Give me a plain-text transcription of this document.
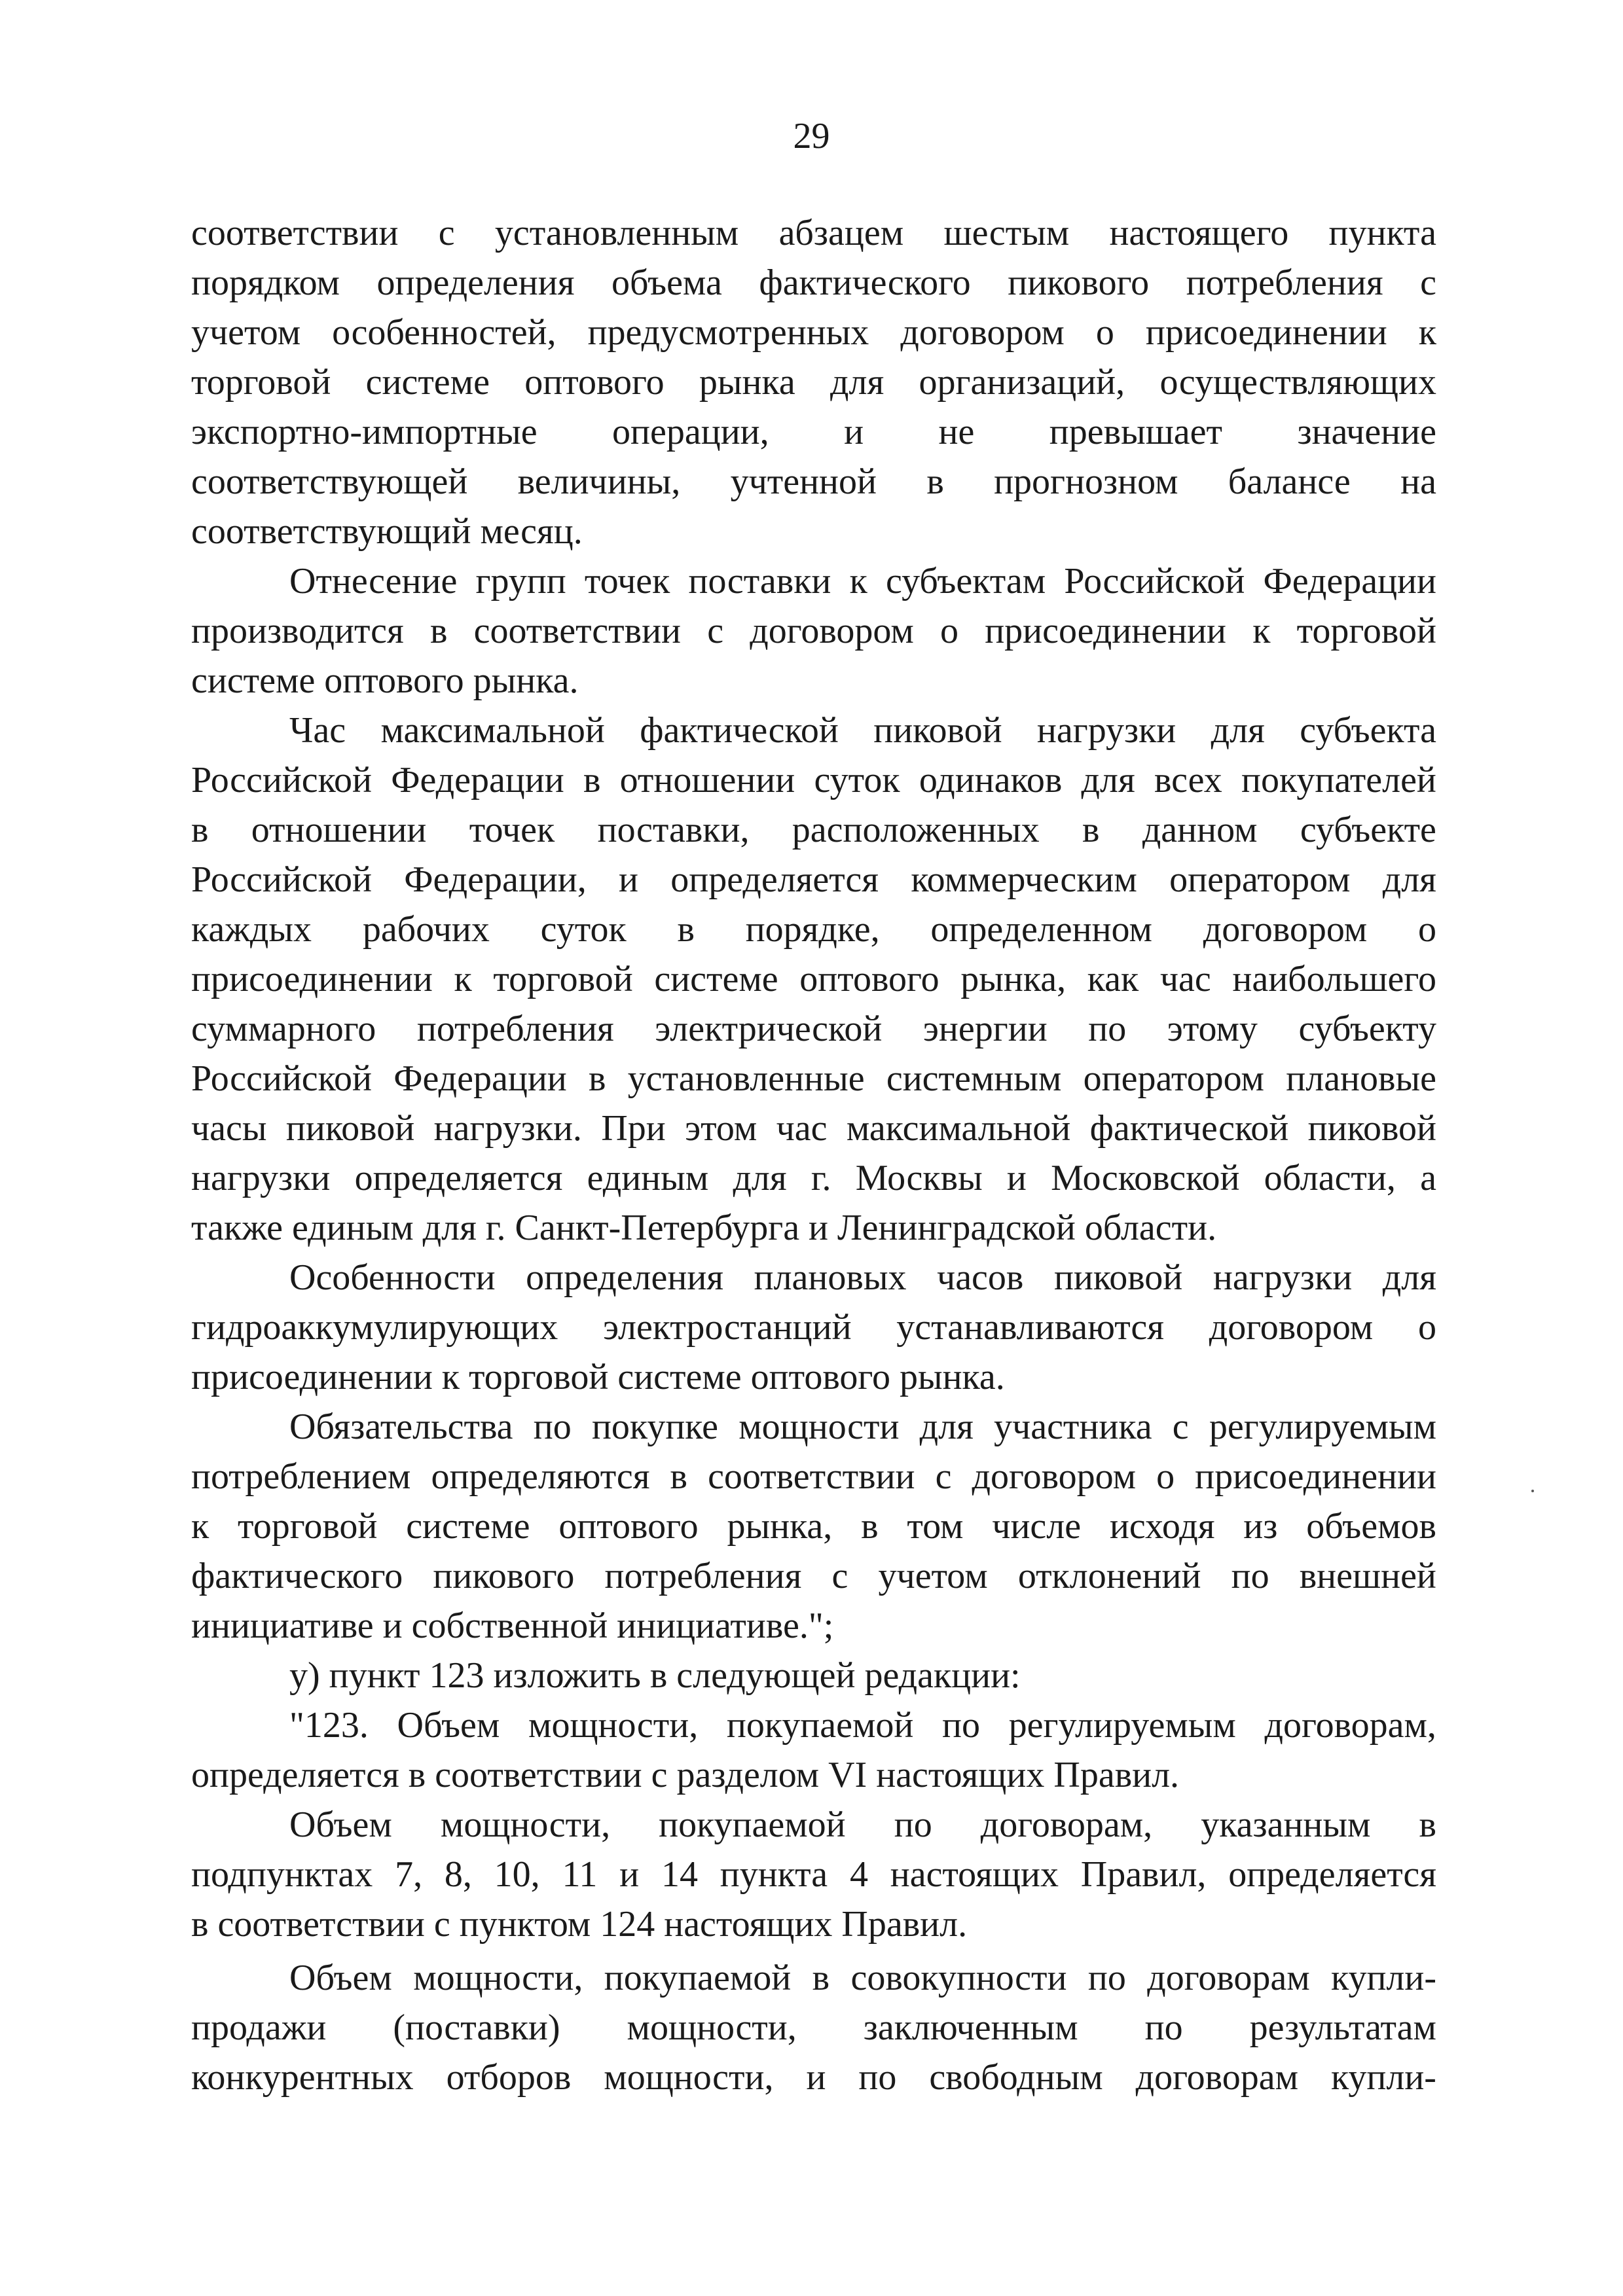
29
соответствии с установленным абзацем шестым настоящего пункта
порядком определения объема фактического пикового потребления с
учетом особенностей, предусмотренных договором о присоединении к
торговой системе оптового рынка для организаций, осуществляющих
экспортно-импортные операции, и не превышает значение
соответствующей величины, учтенной в прогнозном балансе на
соответствующий месяц.
Отнесение групп точек поставки к субъектам Российской Федерации
производится в соответствии с договором о присоединении к торговой
системе оптового рынка.
Час максимальной фактической пиковой нагрузки для субъекта
Российской Федерации в отношении суток одинаков для всех покупателей
в отношении точек поставки, расположенных в данном субъекте
Российской Федерации, и определяется коммерческим оператором для
каждых рабочих суток в порядке, определенном договором о
присоединении к торговой системе оптового рынка, как час наибольшего
суммарного потребления электрической энергии по этому субъекту
Российской Федерации в установленные системным оператором плановые
часы пиковой нагрузки. При этом час максимальной фактической пиковой
нагрузки определяется единым для г. Москвы и Московской области, а
также единым для г. Санкт-Петербурга и Ленинградской области.
Особенности определения плановых часов пиковой нагрузки для
гидроаккумулирующих электростанций устанавливаются договором о
присоединении к торговой системе оптового рынка.
Обязательства по покупке мощности для участника с регулируемым
потреблением определяются в соответствии с договором о присоединении
к торговой системе оптового рынка, в том числе исходя из объемов
фактического пикового потребления с учетом отклонений по внешней
инициативе и собственной инициативе.";
у) пункт 123 изложить в следующей редакции:
"123. Объем мощности, покупаемой по регулируемым договорам,
определяется в соответствии с разделом VI настоящих Правил.
Объем мощности, покупаемой по договорам, указанным в
подпунктах 7, 8, 10, 11 и 14 пункта 4 настоящих Правил, определяется
в соответствии с пунктом 124 настоящих Правил.
Объем мощности, покупаемой в совокупности по договорам купли-
продажи (поставки) мощности, заключенным по результатам
конкурентных отборов мощности, и по свободным договорам купли-
